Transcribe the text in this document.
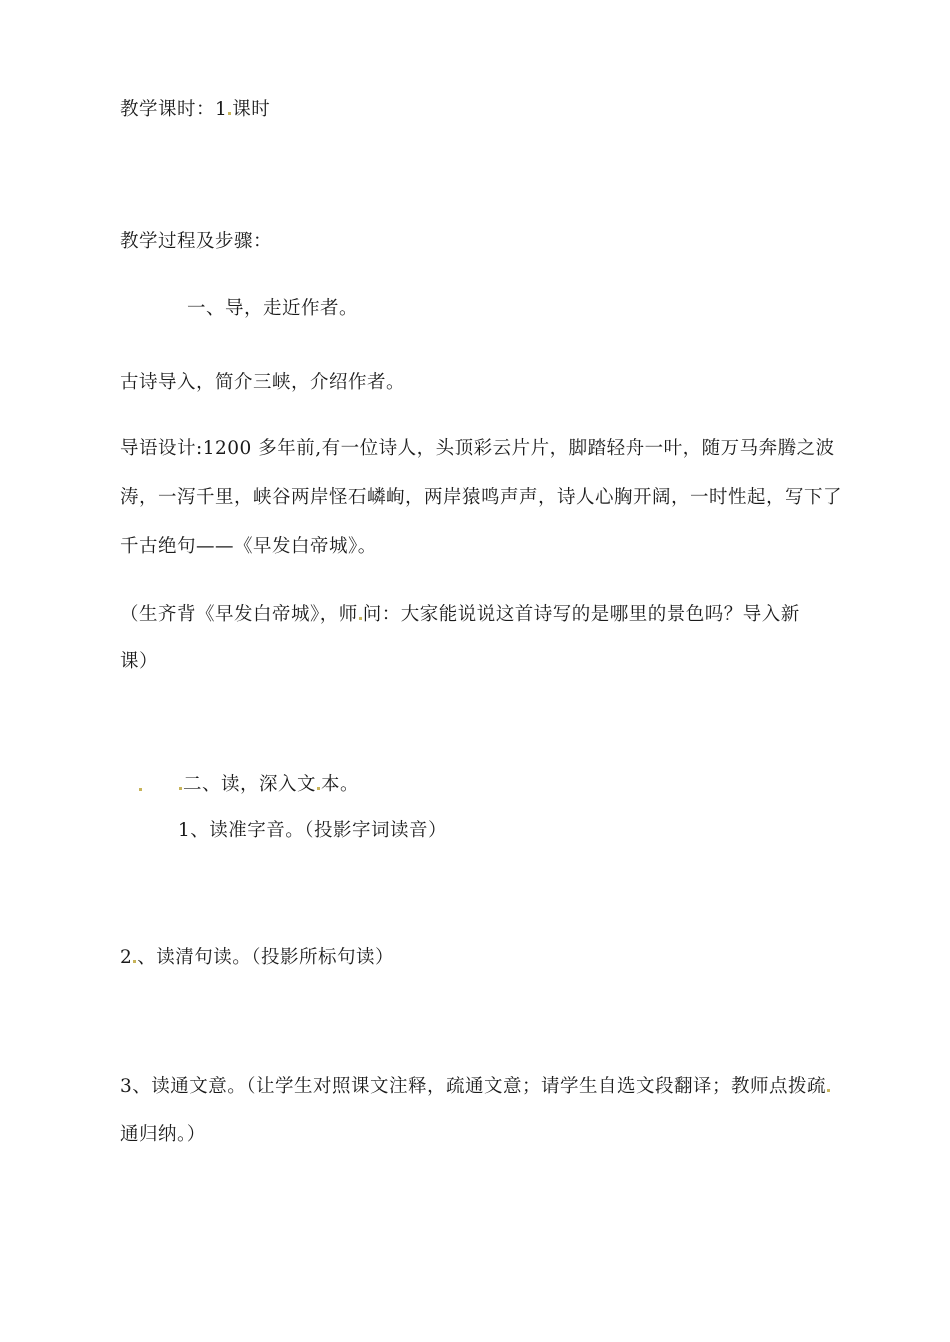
教学课时：1 课时
教学过程及步骤：
一、导，走近作者。
古诗导入，简介三峡，介绍作者。
导语设计:1200 多年前,有一位诗人，头顶彩云片片，脚踏轻舟一叶，随万马奔腾之波
涛，一泻千里，峡谷两岸怪石嶙峋，两岸猿鸣声声，诗人心胸开阔，一时性起，写下了
千古绝句——《早发白帝城》。
（生齐背《早发白帝城》，师 问：大家能说说这首诗写的是哪里的景色吗？导入新
课）
二、读，深入文 本。
1、读准字音。（投影字词读音）
2 、读清句读。（投影所标句读）
3、读通文意。（让学生对照课文注释，疏通文意；请学生自选文段翻译；教师点拨疏
通归纳。）
